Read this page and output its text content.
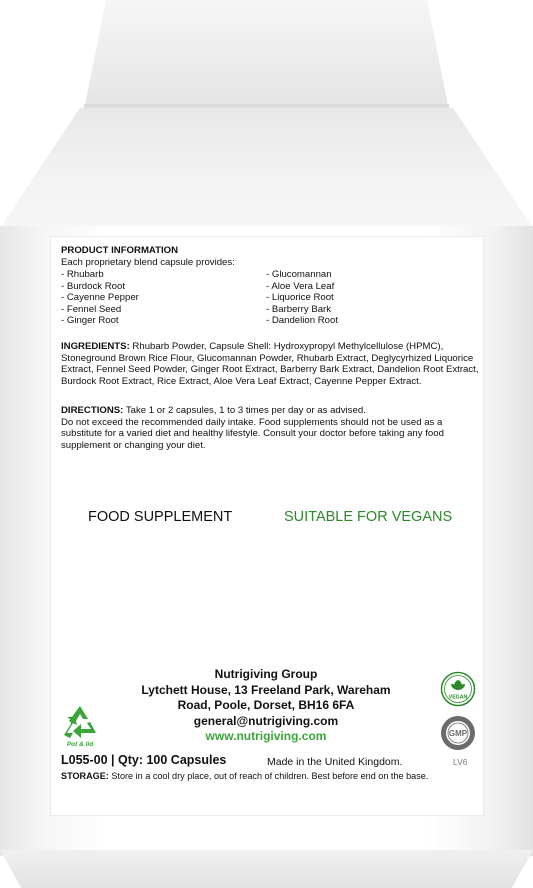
PRODUCT INFORMATION
Each proprietary blend capsule provides:
- Rhubarb
- Burdock Root
- Cayenne Pepper
- Fennel Seed
- Ginger Root
- Glucomannan
- Aloe Vera Leaf
- Liquorice Root
- Barberry Bark
- Dandelion Root
INGREDIENTS: Rhubarb Powder, Capsule Shell: Hydroxypropyl Methylcellulose (HPMC), Stoneground Brown Rice Flour, Glucomannan Powder, Rhubarb Extract, Deglycyrhized Liquorice Extract, Fennel Seed Powder, Ginger Root Extract, Barberry Bark Extract, Dandelion Root Extract, Burdock Root Extract, Rice Extract, Aloe Vera Leaf Extract, Cayenne Pepper Extract.
DIRECTIONS: Take 1 or 2 capsules, 1 to 3 times per day or as advised.
Do not exceed the recommended daily intake. Food supplements should not be used as a substitute for a varied diet and healthy lifestyle. Consult your doctor before taking any food supplement or changing your diet.
FOOD SUPPLEMENT	SUITABLE FOR VEGANS
Nutrigiving Group
Lytchett House, 13 Freeland Park, Wareham
Road, Poole, Dorset, BH16 6FA
general@nutrigiving.com
www.nutrigiving.com
Pot & lid
VEGAN
GMP
L055-00 | Qty: 100 Capsules	Made in the United Kingdom.	LV6
STORAGE: Store in a cool dry place, out of reach of children. Best before end on the base.
